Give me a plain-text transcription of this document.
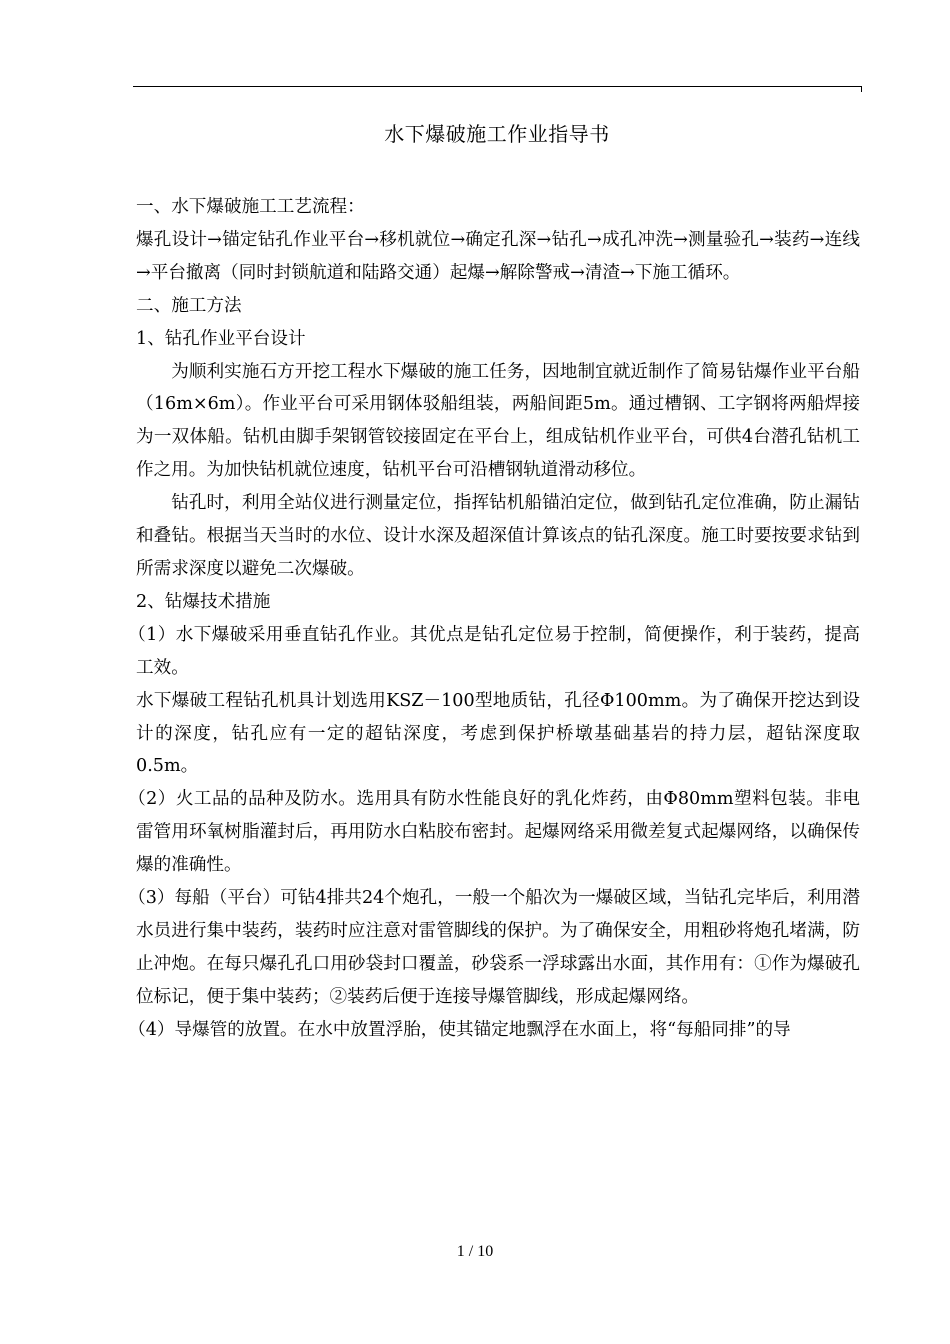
水下爆破施工作业指导书

一、水下爆破施工工艺流程：

爆孔设计→锚定钻孔作业平台→移机就位→确定孔深→钻孔→成孔冲洗→测量验孔→装药→连线→平台撤离（同时封锁航道和陆路交通）起爆→解除警戒→清渣→下施工循环。

二、施工方法

1、钻孔作业平台设计

为顺利实施石方开挖工程水下爆破的施工任务，因地制宜就近制作了简易钻爆作业平台船（16m×6m）。作业平台可采用钢体驳船组装，两船间距5m。通过槽钢、工字钢将两船焊接为一双体船。钻机由脚手架钢管铰接固定在平台上，组成钻机作业平台，可供4台潜孔钻机工作之用。为加快钻机就位速度，钻机平台可沿槽钢轨道滑动移位。

钻孔时，利用全站仪进行测量定位，指挥钻机船锚泊定位，做到钻孔定位准确，防止漏钻和叠钻。根据当天当时的水位、设计水深及超深值计算该点的钻孔深度。施工时要按要求钻到所需求深度以避免二次爆破。

2、钻爆技术措施

（1）水下爆破采用垂直钻孔作业。其优点是钻孔定位易于控制，简便操作，利于装药，提高工效。

水下爆破工程钻孔机具计划选用KSZ－100型地质钻，孔径Φ100mm。为了确保开挖达到设计的深度，钻孔应有一定的超钻深度，考虑到保护桥墩基础基岩的持力层，超钻深度取0.5m。

（2）火工品的品种及防水。选用具有防水性能良好的乳化炸药，由Φ80mm塑料包装。非电雷管用环氧树脂灌封后，再用防水白粘胶布密封。起爆网络采用微差复式起爆网络，以确保传爆的准确性。

（3）每船（平台）可钻4排共24个炮孔，一般一个船次为一爆破区域，当钻孔完毕后，利用潜水员进行集中装药，装药时应注意对雷管脚线的保护。为了确保安全，用粗砂将炮孔堵满，防止冲炮。在每只爆孔孔口用砂袋封口覆盖，砂袋系一浮球露出水面，其作用有：①作为爆破孔位标记，便于集中装药；②装药后便于连接导爆管脚线，形成起爆网络。

（4）导爆管的放置。在水中放置浮胎，使其锚定地飘浮在水面上，将“每船同排”的导

1 / 10
